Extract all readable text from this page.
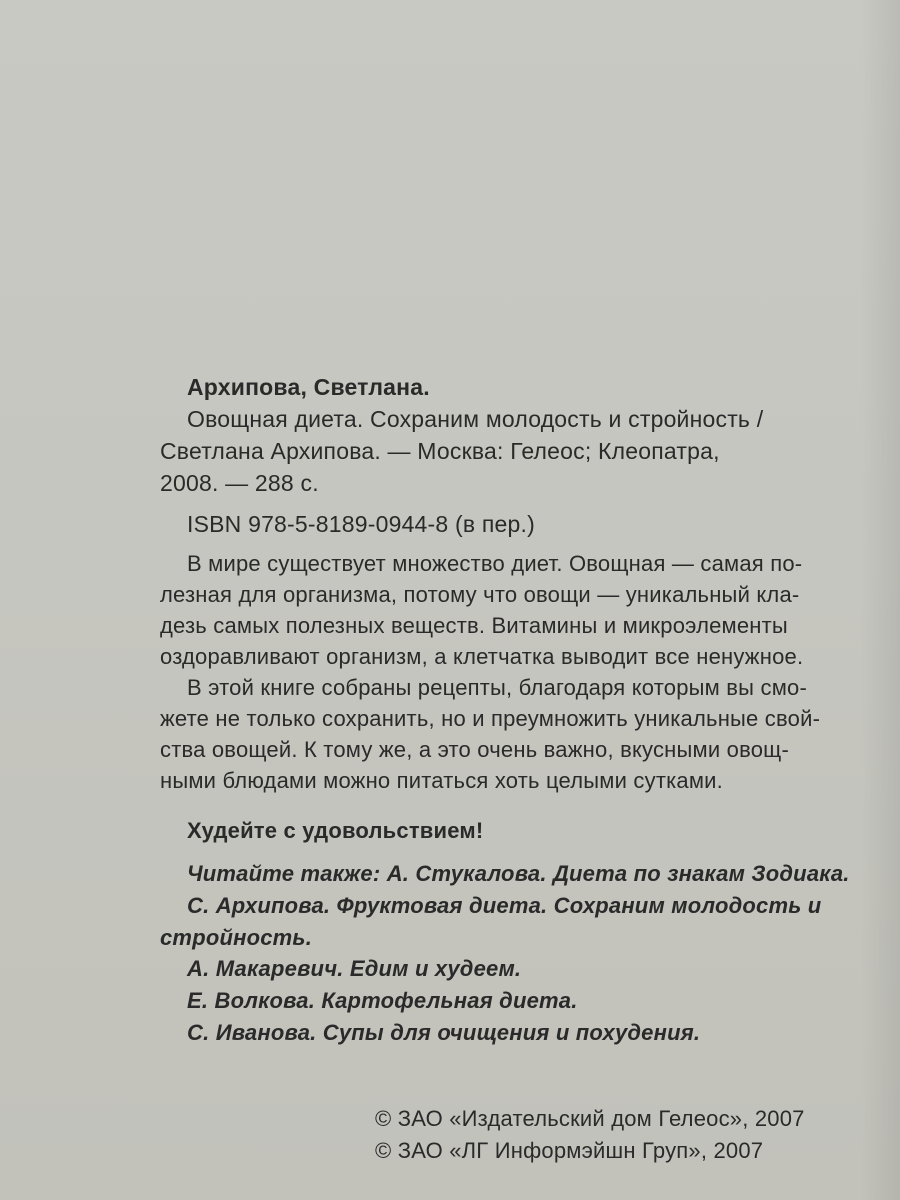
Архипова, Светлана.
Овощная диета. Сохраним молодость и стройность /
Светлана Архипова. — Москва: Гелеос; Клеопатра,
2008. — 288 с.
ISBN 978-5-8189-0944-8 (в пер.)
В мире существует множество диет. Овощная — самая по-
лезная для организма, потому что овощи — уникальный кла-
дезь самых полезных веществ. Витамины и микроэлементы
оздоравливают организм, а клетчатка выводит все ненужное.
В этой книге собраны рецепты, благодаря которым вы смо-
жете не только сохранить, но и преумножить уникальные свой-
ства овощей. К тому же, а это очень важно, вкусными овощ-
ными блюдами можно питаться хоть целыми сутками.
Худейте с удовольствием!
Читайте также: А. Стукалова. Диета по знакам Зодиака.
С. Архипова. Фруктовая диета. Сохраним молодость и
стройность.
А. Макаревич. Едим и худеем.
Е. Волкова. Картофельная диета.
С. Иванова. Супы для очищения и похудения.
© ЗАО «Издательский дом Гелеос», 2007
© ЗАО «ЛГ Информэйшн Груп», 2007
